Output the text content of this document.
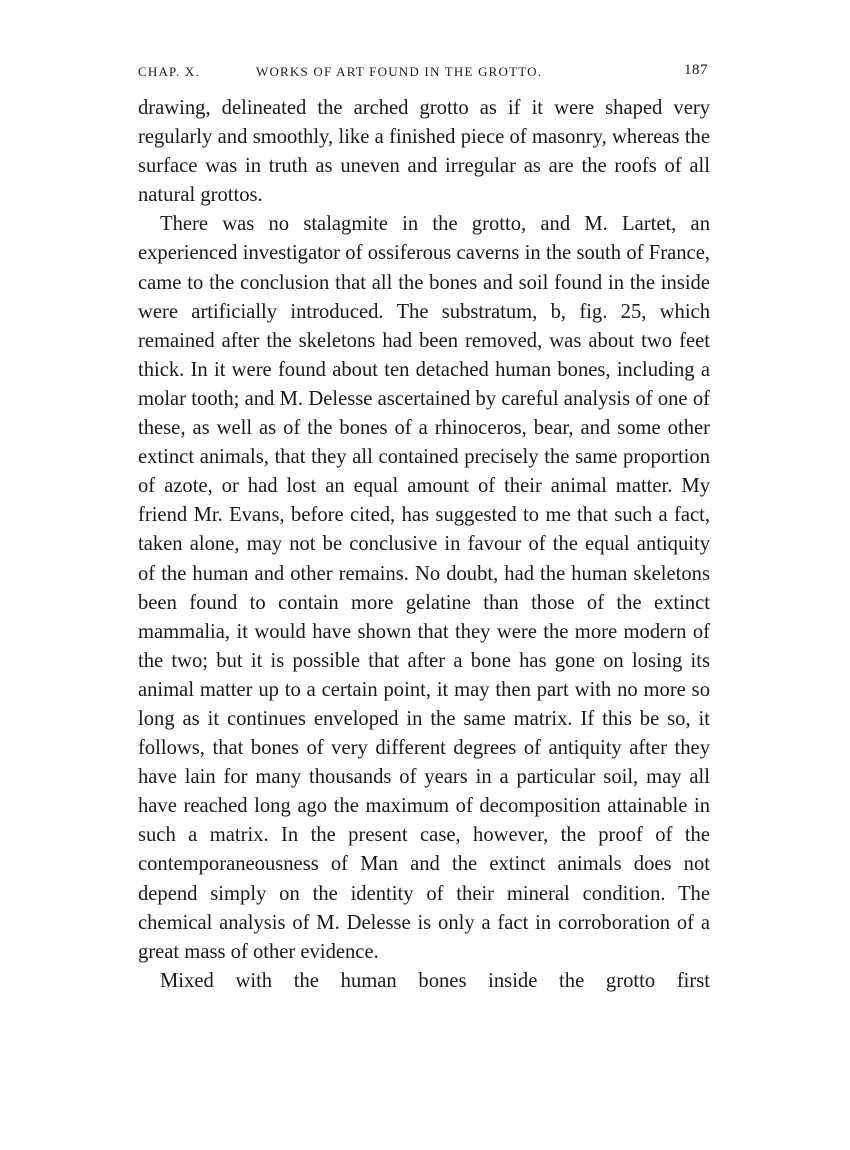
CHAP. X.	WORKS OF ART FOUND IN THE GROTTO.	187

drawing, delineated the arched grotto as if it were shaped very regularly and smoothly, like a finished piece of masonry, whereas the surface was in truth as uneven and irregular as are the roofs of all natural grottos.

There was no stalagmite in the grotto, and M. Lartet, an experienced investigator of ossiferous caverns in the south of France, came to the conclusion that all the bones and soil found in the inside were artificially introduced. The substratum, b, fig. 25, which remained after the skeletons had been removed, was about two feet thick. In it were found about ten detached human bones, including a molar tooth; and M. Delesse ascertained by careful analysis of one of these, as well as of the bones of a rhinoceros, bear, and some other extinct animals, that they all contained precisely the same proportion of azote, or had lost an equal amount of their animal matter. My friend Mr. Evans, before cited, has suggested to me that such a fact, taken alone, may not be conclusive in favour of the equal antiquity of the human and other remains. No doubt, had the human skeletons been found to contain more gelatine than those of the extinct mammalia, it would have shown that they were the more modern of the two; but it is possible that after a bone has gone on losing its animal matter up to a certain point, it may then part with no more so long as it continues enveloped in the same matrix. If this be so, it follows, that bones of very different degrees of antiquity after they have lain for many thousands of years in a particular soil, may all have reached long ago the maximum of decomposition attainable in such a matrix. In the present case, however, the proof of the contemporaneousness of Man and the extinct animals does not depend simply on the identity of their mineral condition. The chemical analysis of M. Delesse is only a fact in corroboration of a great mass of other evidence.

Mixed with the human bones inside the grotto first
